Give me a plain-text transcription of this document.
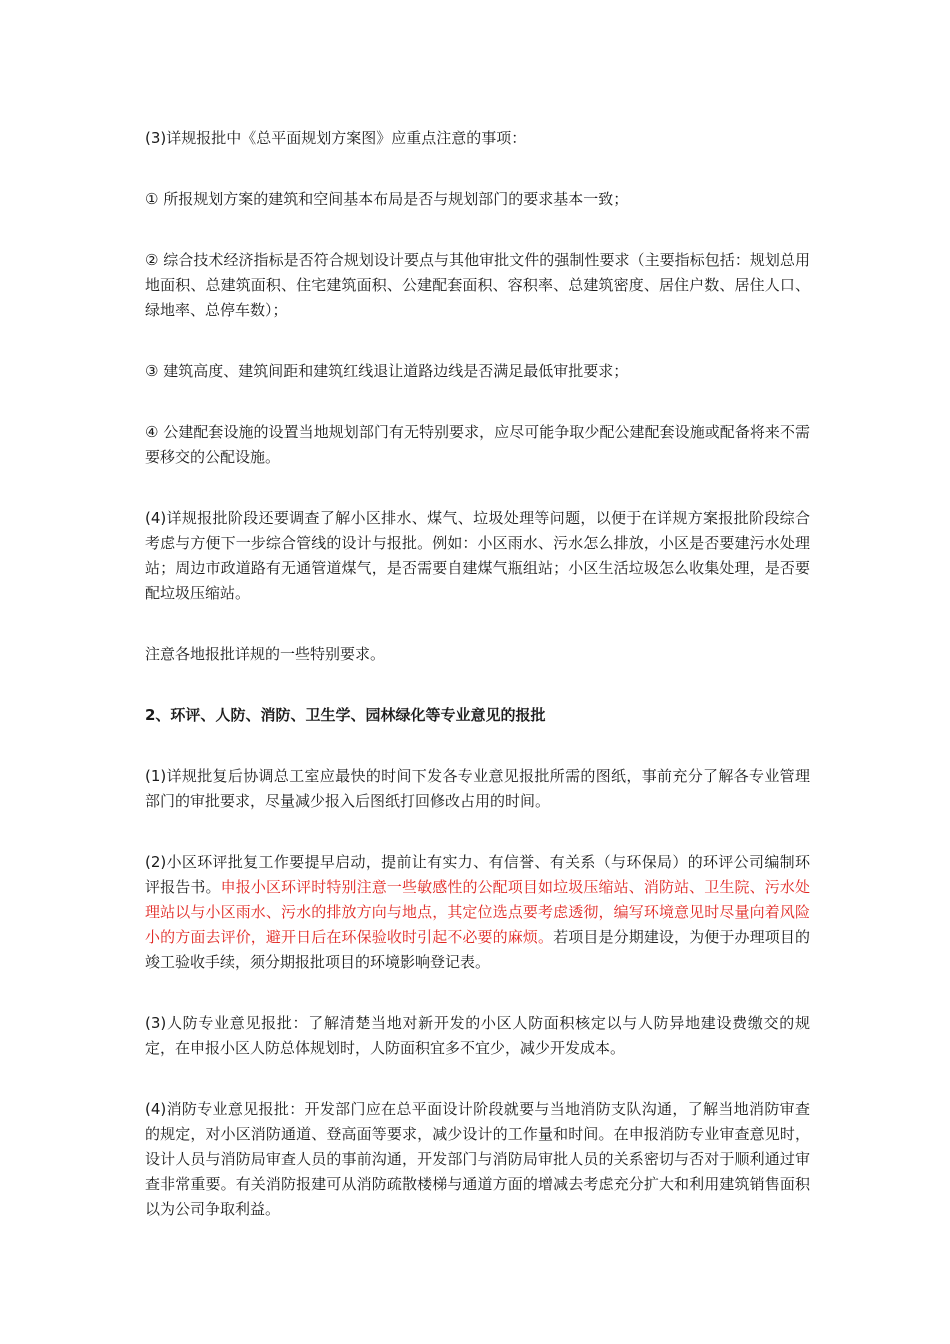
(3)详规报批中《总平面规划方案图》应重点注意的事项：

① 所报规划方案的建筑和空间基本布局是否与规划部门的要求基本一致；

② 综合技术经济指标是否符合规划设计要点与其他审批文件的强制性要求（主要指标包括：规划总用地面积、总建筑面积、住宅建筑面积、公建配套面积、容积率、总建筑密度、居住户数、居住人口、绿地率、总停车数）；

③ 建筑高度、建筑间距和建筑红线退让道路边线是否满足最低审批要求；

④ 公建配套设施的设置当地规划部门有无特别要求，应尽可能争取少配公建配套设施或配备将来不需要移交的公配设施。

(4)详规报批阶段还要调查了解小区排水、煤气、垃圾处理等问题，以便于在详规方案报批阶段综合考虑与方便下一步综合管线的设计与报批。例如：小区雨水、污水怎么排放，小区是否要建污水处理站；周边市政道路有无通管道煤气，是否需要自建煤气瓶组站；小区生活垃圾怎么收集处理，是否要配垃圾压缩站。

注意各地报批详规的一些特别要求。

2、环评、人防、消防、卫生学、园林绿化等专业意见的报批

(1)详规批复后协调总工室应最快的时间下发各专业意见报批所需的图纸，事前充分了解各专业管理部门的审批要求，尽量减少报入后图纸打回修改占用的时间。

(2)小区环评批复工作要提早启动，提前让有实力、有信誉、有关系（与环保局）的环评公司编制环评报告书。申报小区环评时特别注意一些敏感性的公配项目如垃圾压缩站、消防站、卫生院、污水处理站以与小区雨水、污水的排放方向与地点，其定位选点要考虑透彻，编写环境意见时尽量向着风险小的方面去评价，避开日后在环保验收时引起不必要的麻烦。若项目是分期建设，为便于办理项目的竣工验收手续，须分期报批项目的环境影响登记表。

(3)人防专业意见报批：了解清楚当地对新开发的小区人防面积核定以与人防异地建设费缴交的规定，在申报小区人防总体规划时，人防面积宜多不宜少，减少开发成本。

(4)消防专业意见报批：开发部门应在总平面设计阶段就要与当地消防支队沟通，了解当地消防审查的规定，对小区消防通道、登高面等要求，减少设计的工作量和时间。在申报消防专业审查意见时，设计人员与消防局审查人员的事前沟通，开发部门与消防局审批人员的关系密切与否对于顺利通过审查非常重要。有关消防报建可从消防疏散楼梯与通道方面的增减去考虑充分扩大和利用建筑销售面积以为公司争取利益。
